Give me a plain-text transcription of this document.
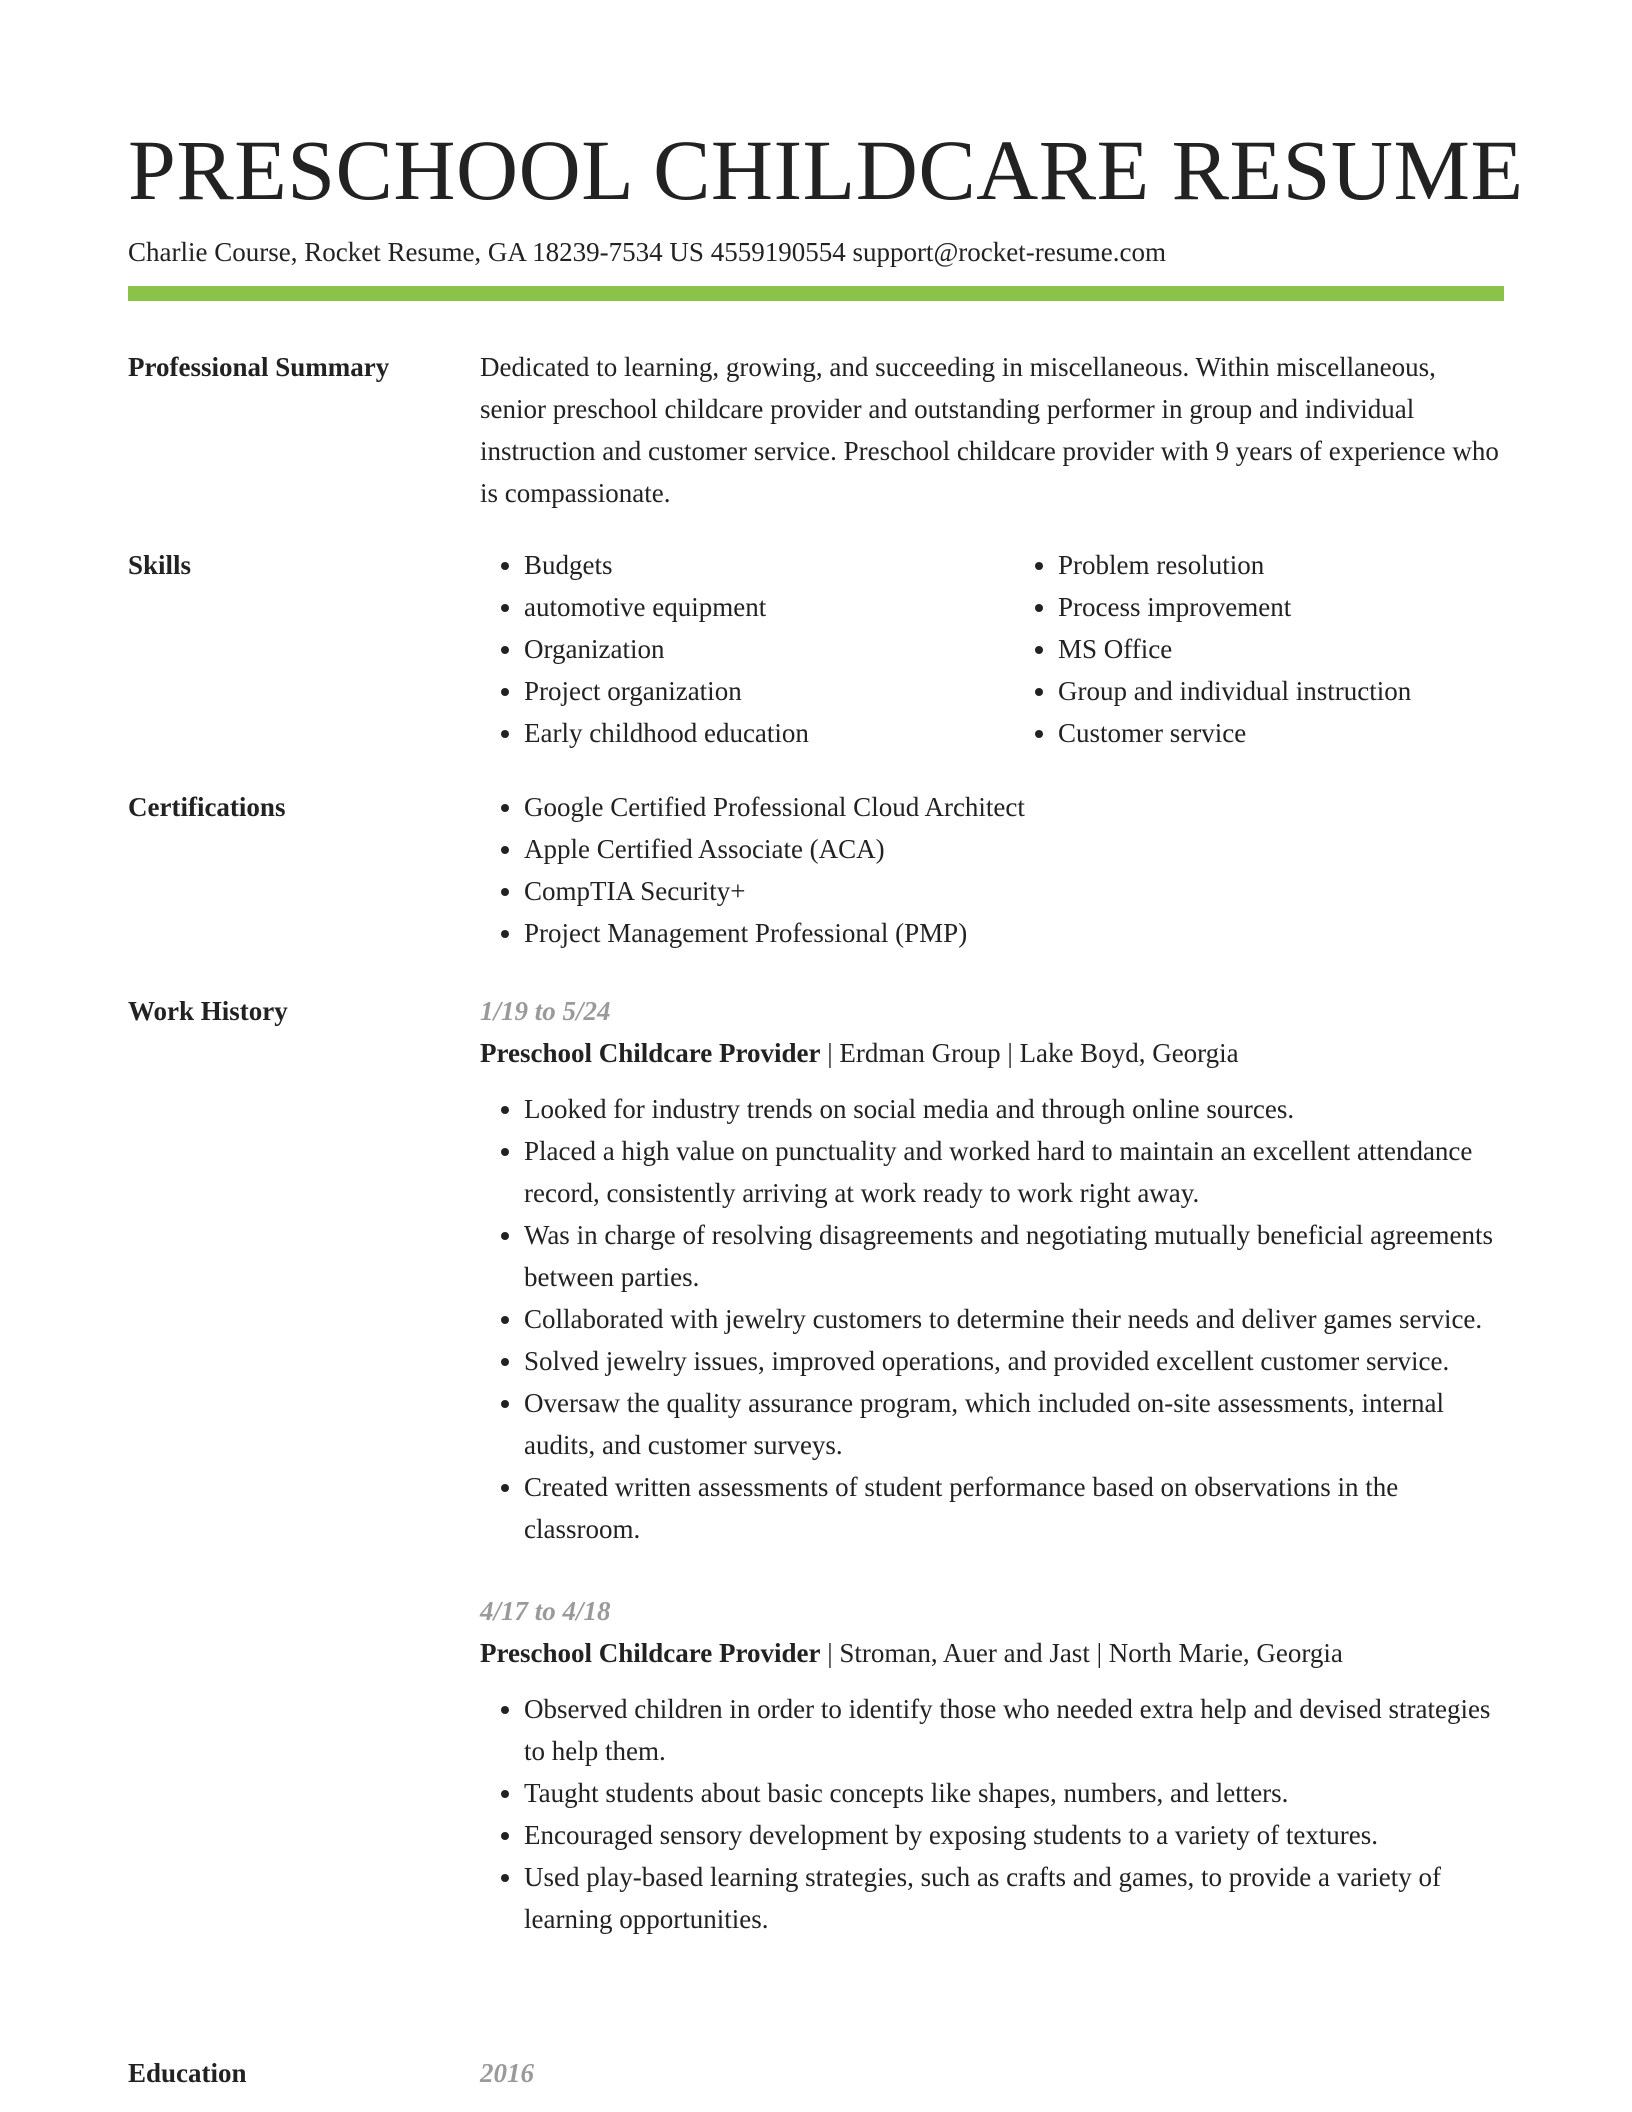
PRESCHOOL CHILDCARE RESUME
Charlie Course, Rocket Resume, GA 18239-7534 US 4559190554 support@rocket-resume.com
Professional Summary	Dedicated to learning, growing, and succeeding in miscellaneous. Within miscellaneous, senior preschool childcare provider and outstanding performer in group and individual instruction and customer service. Preschool childcare provider with 9 years of experience who is compassionate.

Skills	• Budgets
• automotive equipment
• Organization
• Project organization
• Early childhood education
• Problem resolution
• Process improvement
• MS Office
• Group and individual instruction
• Customer service
Certifications	• Google Certified Professional Cloud Architect
• Apple Certified Associate (ACA)
• CompTIA Security+
• Project Management Professional (PMP)
Work History	1/19 to 5/24
Preschool Childcare Provider | Erdman Group | Lake Boyd, Georgia
• Looked for industry trends on social media and through online sources.
• Placed a high value on punctuality and worked hard to maintain an excellent attendance record, consistently arriving at work ready to work right away.
• Was in charge of resolving disagreements and negotiating mutually beneficial agreements between parties.
• Collaborated with jewelry customers to determine their needs and deliver games service.
• Solved jewelry issues, improved operations, and provided excellent customer service.
• Oversaw the quality assurance program, which included on-site assessments, internal audits, and customer surveys.
• Created written assessments of student performance based on observations in the classroom.
4/17 to 4/18
Preschool Childcare Provider | Stroman, Auer and Jast | North Marie, Georgia
• Observed children in order to identify those who needed extra help and devised strategies to help them.
• Taught students about basic concepts like shapes, numbers, and letters.
• Encouraged sensory development by exposing students to a variety of textures.
• Used play-based learning strategies, such as crafts and games, to provide a variety of learning opportunities.
Education	2016
